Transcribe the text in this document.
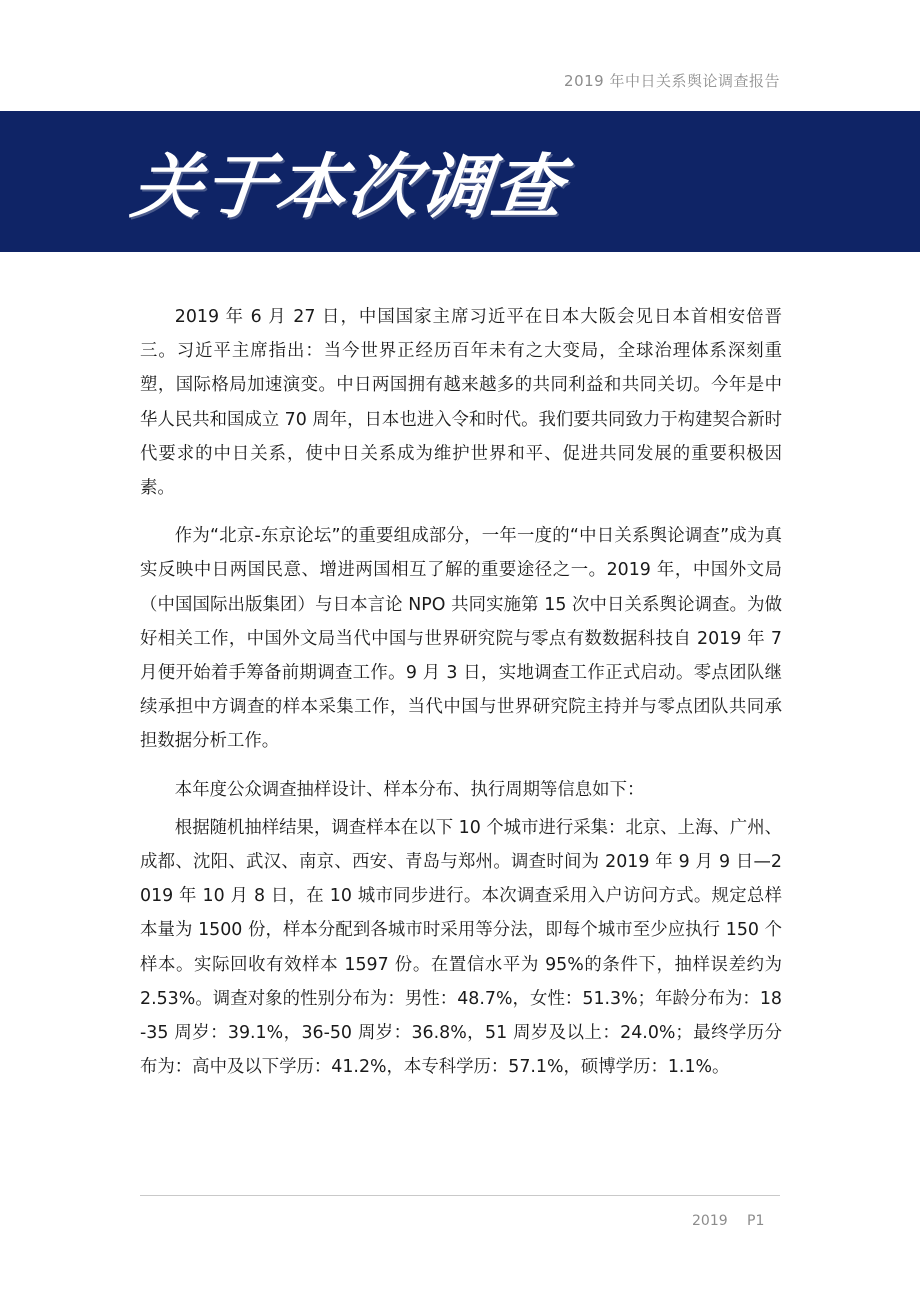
2019 年中日关系舆论调查报告
关于本次调查

2019 年 6 月 27 日，中国国家主席习近平在日本大阪会见日本首相安倍晋三。习近平主席指出：当今世界正经历百年未有之大变局，全球治理体系深刻重塑，国际格局加速演变。中日两国拥有越来越多的共同利益和共同关切。今年是中华人民共和国成立 70 周年，日本也进入令和时代。我们要共同致力于构建契合新时代要求的中日关系，使中日关系成为维护世界和平、促进共同发展的重要积极因素。

作为“北京-东京论坛”的重要组成部分，一年一度的“中日关系舆论调查”成为真实反映中日两国民意、增进两国相互了解的重要途径之一。2019 年，中国外文局（中国国际出版集团）与日本言论 NPO 共同实施第 15 次中日关系舆论调查。为做好相关工作，中国外文局当代中国与世界研究院与零点有数数据科技自 2019 年 7 月便开始着手筹备前期调查工作。9 月 3 日，实地调查工作正式启动。零点团队继续承担中方调查的样本采集工作，当代中国与世界研究院主持并与零点团队共同承担数据分析工作。

本年度公众调查抽样设计、样本分布、执行周期等信息如下：

根据随机抽样结果，调查样本在以下 10 个城市进行采集：北京、上海、广州、成都、沈阳、武汉、南京、西安、青岛与郑州。调查时间为 2019 年 9 月 9 日—2019 年 10 月 8 日，在 10 城市同步进行。本次调查采用入户访问方式。规定总样本量为 1500 份，样本分配到各城市时采用等分法，即每个城市至少应执行 150 个样本。实际回收有效样本 1597 份。在置信水平为 95%的条件下，抽样误差约为 2.53%。调查对象的性别分布为：男性：48.7%，女性：51.3%；年龄分布为：18-35 周岁：39.1%，36-50 周岁：36.8%，51 周岁及以上：24.0%；最终学历分布为：高中及以下学历：41.2%，本专科学历：57.1%，硕博学历：1.1%。

2019 P1
